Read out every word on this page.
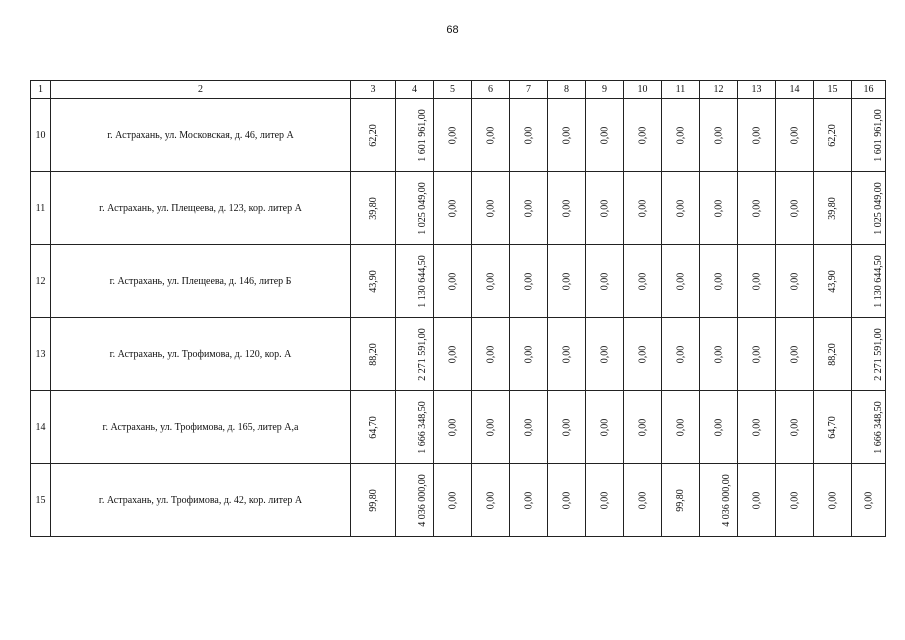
68
1	2	3	4	5	6	7	8	9	10	11	12	13	14	15	16
10	г. Астрахань, ул. Московская, д. 46, литер А	62,20	1 601 961,00	0,00	0,00	0,00	0,00	0,00	0,00	0,00	0,00	0,00	0,00	62,20	1 601 961,00
11	г. Астрахань, ул. Плещеева, д. 123, кор. литер А	39,80	1 025 049,00	0,00	0,00	0,00	0,00	0,00	0,00	0,00	0,00	0,00	0,00	39,80	1 025 049,00
12	г. Астрахань, ул. Плещеева, д. 146, литер Б	43,90	1 130 644,50	0,00	0,00	0,00	0,00	0,00	0,00	0,00	0,00	0,00	0,00	43,90	1 130 644,50
13	г. Астрахань, ул. Трофимова, д. 120, кор. А	88,20	2 271 591,00	0,00	0,00	0,00	0,00	0,00	0,00	0,00	0,00	0,00	0,00	88,20	2 271 591,00
14	г. Астрахань, ул. Трофимова, д. 165, литер А,а	64,70	1 666 348,50	0,00	0,00	0,00	0,00	0,00	0,00	0,00	0,00	0,00	0,00	64,70	1 666 348,50
15	г. Астрахань, ул. Трофимова, д. 42, кор. литер А	99,80	4 036 000,00	0,00	0,00	0,00	0,00	0,00	0,00	99,80	4 036 000,00	0,00	0,00	0,00	0,00
